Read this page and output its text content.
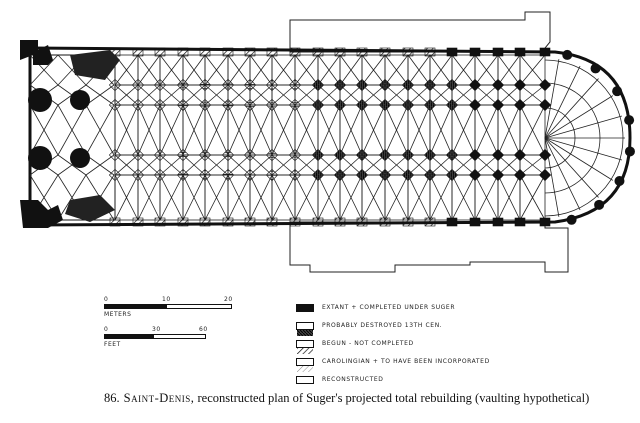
0	10	20
METERS
0	30	60
FEET
EXTANT + COMPLETED UNDER SUGER
PROBABLY DESTROYED 13TH CEN.
BEGUN - NOT COMPLETED
CAROLINGIAN + TO HAVE BEEN INCORPORATED
RECONSTRUCTED
86. Saint-Denis, reconstructed plan of Suger's projected total rebuilding (vaulting hypothetical)
